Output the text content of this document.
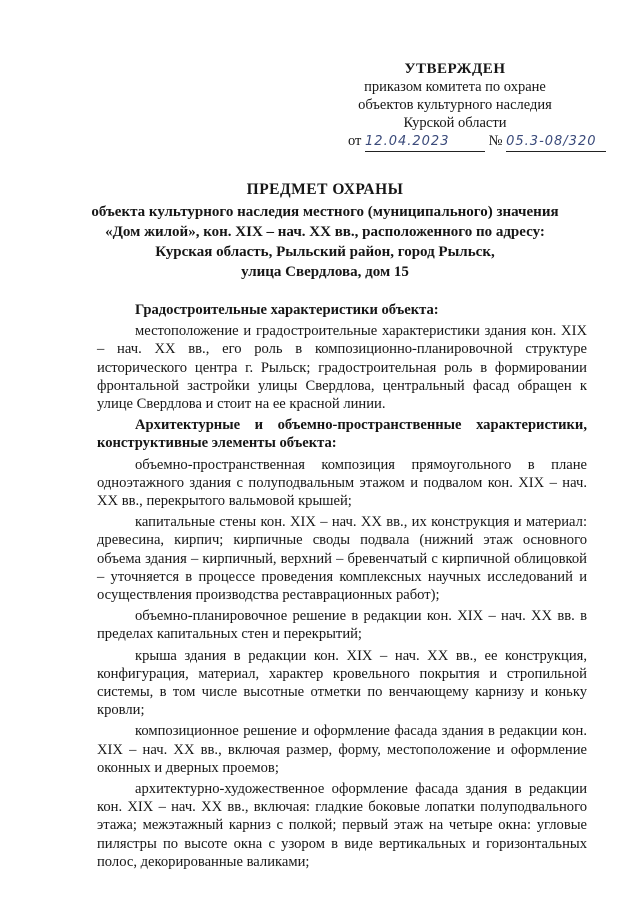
УТВЕРЖДЕН
приказом комитета по охране
объектов культурного наследия
Курской области
от 12.04.2023	№ 05.3-08/320
ПРЕДМЕТ ОХРАНЫ
объекта культурного наследия местного (муниципального) значения
«Дом жилой», кон. XIX – нач. XX вв., расположенного по адресу:
Курская область, Рыльский район, город Рыльск,
улица Свердлова, дом 15

Градостроительные характеристики объекта:

местоположение и градостроительные характеристики здания кон. XIX – нач. XX вв., его роль в композиционно-планировочной структуре исторического центра г. Рыльск; градостроительная роль в формировании фронтальной застройки улицы Свердлова, центральный фасад обращен к улице Свердлова и стоит на ее красной линии.

Архитектурные и объемно-пространственные характеристики, конструктивные элементы объекта:

объемно-пространственная композиция прямоугольного в плане одноэтажного здания с полуподвальным этажом и подвалом кон. XIX – нач. XX вв., перекрытого вальмовой крышей;

капитальные стены кон. XIX – нач. XX вв., их конструкция и материал: древесина, кирпич; кирпичные своды подвала (нижний этаж основного объема здания – кирпичный, верхний – бревенчатый с кирпичной облицовкой – уточняется в процессе проведения комплексных научных исследований и осуществления производства реставрационных работ);

объемно-планировочное решение в редакции кон. XIX – нач. XX вв. в пределах капитальных стен и перекрытий;

крыша здания в редакции кон. XIX – нач. XX вв., ее конструкция, конфигурация, материал, характер кровельного покрытия и стропильной системы, в том числе высотные отметки по венчающему карнизу и коньку кровли;

композиционное решение и оформление фасада здания в редакции кон. XIX – нач. XX вв., включая размер, форму, местоположение и оформление оконных и дверных проемов;

архитектурно-художественное оформление фасада здания в редакции кон. XIX – нач. XX вв., включая: гладкие боковые лопатки полуподвального этажа; межэтажный карниз с полкой; первый этаж на четыре окна: угловые пилястры по высоте окна с узором в виде вертикальных и горизонтальных полос, декорированные валиками;
